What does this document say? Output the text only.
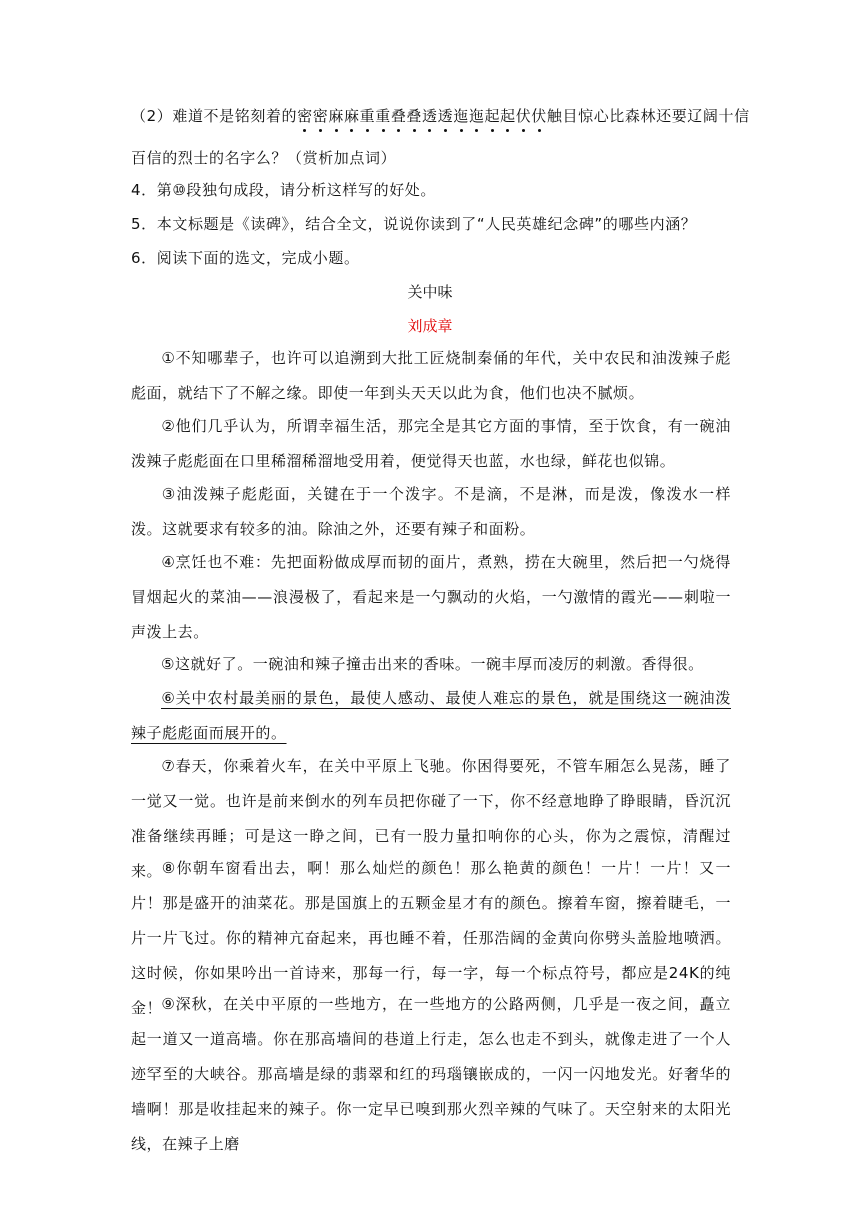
（2）难道不是铭刻着的密密麻麻重重叠叠透透迤迤起起伏伏触目惊心比森林还要辽阔十信
百信的烈士的名字么？（赏析加点词）
4．第⑩段独句成段，请分析这样写的好处。
5．本文标题是《读碑》，结合全文，说说你读到了“人民英雄纪念碑”的哪些内涵？
6．阅读下面的选文，完成小题。
关中味
刘成章
①不知哪辈子，也许可以追溯到大批工匠烧制秦俑的年代，关中农民和油泼辣子彪彪面，就结下了不解之缘。即使一年到头天天以此为食，他们也决不腻烦。
②他们几乎认为，所谓幸福生活，那完全是其它方面的事情，至于饮食，有一碗油泼辣子彪彪面在口里稀溜稀溜地受用着，便觉得天也蓝，水也绿，鲜花也似锦。
③油泼辣子彪彪面，关键在于一个泼字。不是滴，不是淋，而是泼，像泼水一样泼。这就要求有较多的油。除油之外，还要有辣子和面粉。
④烹饪也不难：先把面粉做成厚而韧的面片，煮熟，捞在大碗里，然后把一勺烧得冒烟起火的菜油——浪漫极了，看起来是一勺飘动的火焰，一勺激情的霞光——刺啦一声泼上去。
⑤这就好了。一碗油和辣子撞击出来的香味。一碗丰厚而凌厉的刺激。香得很。
⑥关中农村最美丽的景色，最使人感动、最使人难忘的景色，就是围绕这一碗油泼辣子彪彪面而展开的。
⑦春天，你乘着火车，在关中平原上飞驰。你困得要死，不管车厢怎么晃荡，睡了一觉又一觉。也许是前来倒水的列车员把你碰了一下，你不经意地睁了睁眼睛，昏沉沉准备继续再睡；可是这一睁之间，已有一股力量扣响你的心头，你为之震惊，清醒过来。
⑧你朝车窗看出去，啊！那么灿烂的颜色！那么艳黄的颜色！一片！一片！又一片！那是盛开的油菜花。那是国旗上的五颗金星才有的颜色。擦着车窗，擦着睫毛，一片一片飞过。你的精神亢奋起来，再也睡不着，任那浩阔的金黄向你劈头盖脸地喷洒。这时候，你如果吟出一首诗来，那每一行，每一字，每一个标点符号，都应是24K的纯金！
⑨深秋，在关中平原的一些地方，在一些地方的公路两侧，几乎是一夜之间，矗立起一道又一道高墙。你在那高墙间的巷道上行走，怎么也走不到头，就像走进了一个人迹罕至的大峡谷。那高墙是绿的翡翠和红的玛瑙镶嵌成的，一闪一闪地发光。好奢华的墙啊！那是收挂起来的辣子。你一定早已嗅到那火烈辛辣的气味了。天空射来的太阳光线，在辣子上磨
